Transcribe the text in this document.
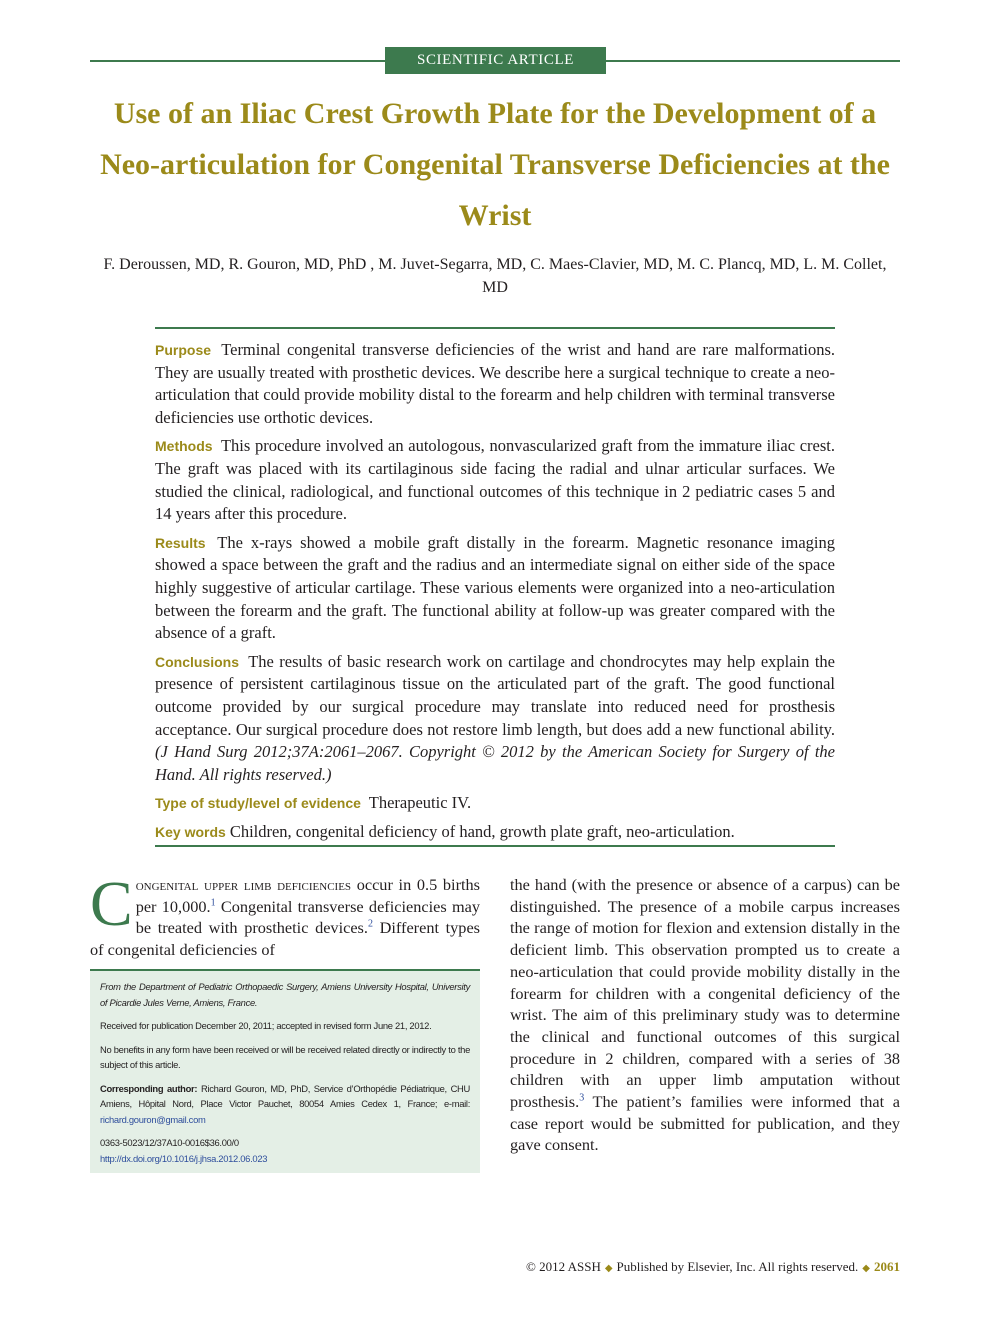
SCIENTIFIC ARTICLE
Use of an Iliac Crest Growth Plate for the Development of a Neo-articulation for Congenital Transverse Deficiencies at the Wrist

F. Deroussen, MD, R. Gouron, MD, PhD , M. Juvet-Segarra, MD, C. Maes-Clavier, MD, M. C. Plancq, MD, L. M. Collet, MD

Purpose Terminal congenital transverse deficiencies of the wrist and hand are rare malformations. They are usually treated with prosthetic devices. We describe here a surgical technique to create a neo-articulation that could provide mobility distal to the forearm and help children with terminal transverse deficiencies use orthotic devices.

Methods This procedure involved an autologous, nonvascularized graft from the immature iliac crest. The graft was placed with its cartilaginous side facing the radial and ulnar articular surfaces. We studied the clinical, radiological, and functional outcomes of this technique in 2 pediatric cases 5 and 14 years after this procedure.

Results The x-rays showed a mobile graft distally in the forearm. Magnetic resonance imaging showed a space between the graft and the radius and an intermediate signal on either side of the space highly suggestive of articular cartilage. These various elements were organized into a neo-articulation between the forearm and the graft. The functional ability at follow-up was greater compared with the absence of a graft.

Conclusions The results of basic research work on cartilage and chondrocytes may help explain the presence of persistent cartilaginous tissue on the articulated part of the graft. The good functional outcome provided by our surgical procedure may translate into reduced need for prosthesis acceptance. Our surgical procedure does not restore limb length, but does add a new functional ability. (J Hand Surg 2012;37A:2061–2067. Copyright © 2012 by the American Society for Surgery of the Hand. All rights reserved.)

Type of study/level of evidence Therapeutic IV.

Key words Children, congenital deficiency of hand, growth plate graft, neo-articulation.

Congenital upper limb deficiencies occur in 0.5 births per 10,000.$^1$ Congenital transverse deficiencies may be treated with prosthetic devices.$^2$ Different types of congenital deficiencies of

From the Department of Pediatric Orthopaedic Surgery, Amiens University Hospital, University of Picardie Jules Verne, Amiens, France.

Received for publication December 20, 2011; accepted in revised form June 21, 2012.

No benefits in any form have been received or will be received related directly or indirectly to the subject of this article.

Corresponding author: Richard Gouron, MD, PhD, Service d’Orthopédie Pédiatrique, CHU Amiens, Hôpital Nord, Place Victor Pauchet, 80054 Amies Cedex 1, France; e-mail: richard.gouron@gmail.com

0363-5023/12/37A10-0016$36.00/0

http://dx.doi.org/10.1016/j.jhsa.2012.06.023

the hand (with the presence or absence of a carpus) can be distinguished. The presence of a mobile carpus increases the range of motion for flexion and extension distally in the deficient limb. This observation prompted us to create a neo-articulation that could provide mobility distally in the forearm for children with a congenital deficiency of the wrist. The aim of this preliminary study was to determine the clinical and functional outcomes of this surgical procedure in 2 children, compared with a series of 38 children with an upper limb amputation without prosthesis.$^3$ The patient’s families were informed that a case report would be submitted for publication, and they gave consent.

© 2012 ASSH ◆ Published by Elsevier, Inc. All rights reserved. ◆ 2061
